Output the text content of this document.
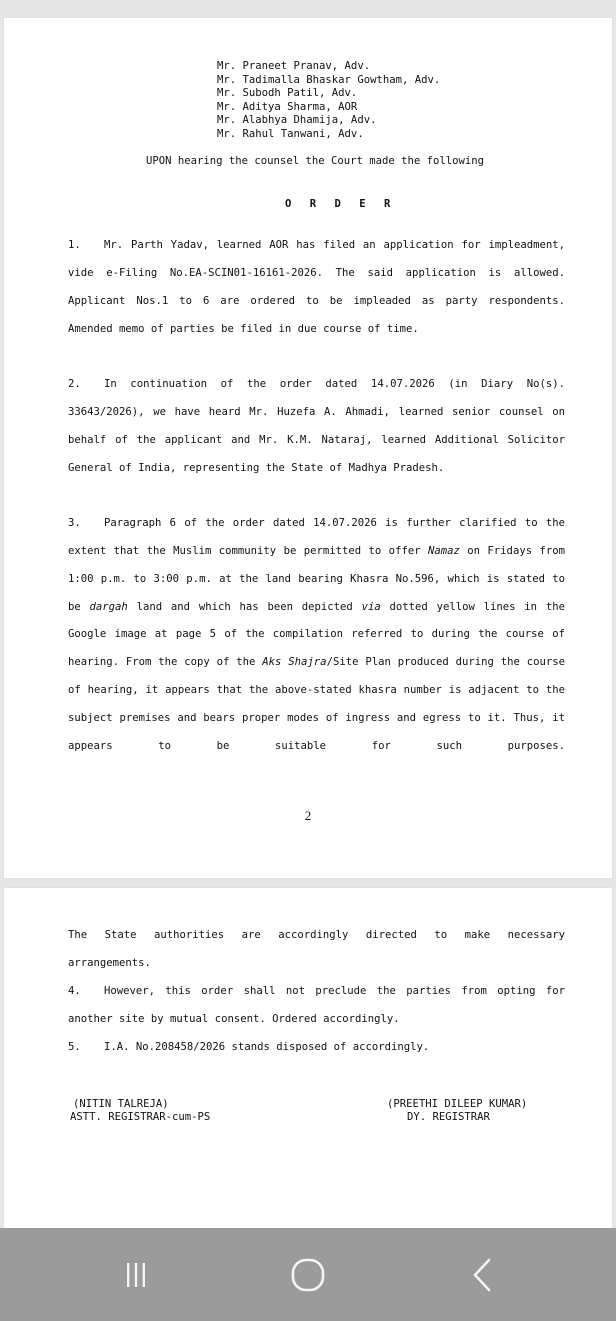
Mr. Praneet Pranav, Adv.
Mr. Tadimalla Bhaskar Gowtham, Adv.
Mr. Subodh Patil, Adv.
Mr. Aditya Sharma, AOR
Mr. Alabhya Dhamija, Adv.
Mr. Rahul Tanwani, Adv.
UPON hearing the counsel the Court made the following
O R D E R
1. Mr. Parth Yadav, learned AOR has filed an application for impleadment, vide e-Filing No.EA-SCIN01-16161-2026. The said application is allowed. Applicant Nos.1 to 6 are ordered to be impleaded as party respondents. Amended memo of parties be filed in due course of time.
2. In continuation of the order dated 14.07.2026 (in Diary No(s). 33643/2026), we have heard Mr. Huzefa A. Ahmadi, learned senior counsel on behalf of the applicant and Mr. K.M. Nataraj, learned Additional Solicitor General of India, representing the State of Madhya Pradesh.
3. Paragraph 6 of the order dated 14.07.2026 is further clarified to the extent that the Muslim community be permitted to offer Namaz on Fridays from 1:00 p.m. to 3:00 p.m. at the land bearing Khasra No.596, which is stated to be dargah land and which has been depicted via dotted yellow lines in the Google image at page 5 of the compilation referred to during the course of hearing. From the copy of the Aks Shajra/Site Plan produced during the course of hearing, it appears that the above-stated khasra number is adjacent to the subject premises and bears proper modes of ingress and egress to it. Thus, it appears to be suitable for such purposes.
2
The State authorities are accordingly directed to make necessary arrangements.
4. However, this order shall not preclude the parties from opting for another site by mutual consent. Ordered accordingly.
5. I.A. No.208458/2026 stands disposed of accordingly.
(NITIN TALREJA)
ASTT. REGISTRAR-cum-PS
(PREETHI DILEEP KUMAR)
DY. REGISTRAR
